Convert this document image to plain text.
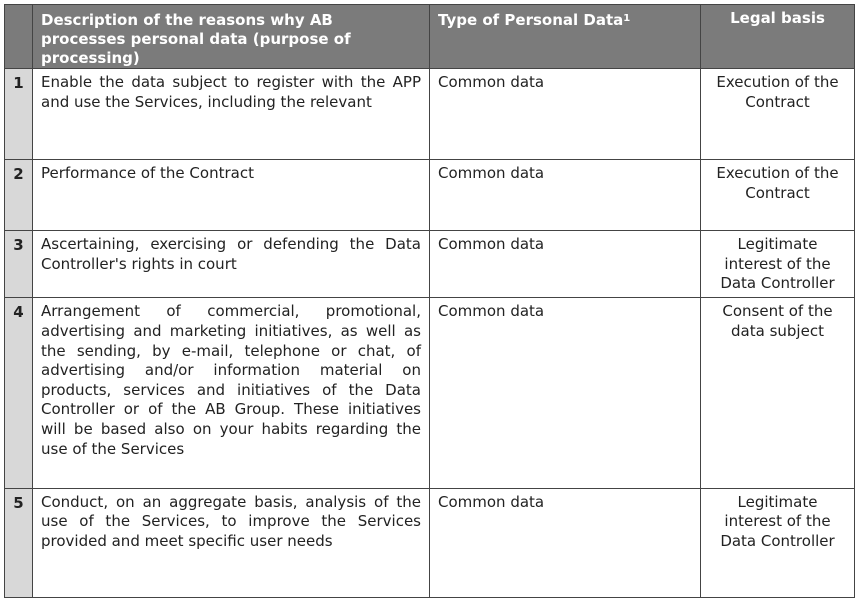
	Description of the reasons why AB processes personal data (purpose of processing)	Type of Personal Data$^1$	Legal basis
1	Enable the data subject to register with the APP and use the Services, including the relevant	Common data	Execution of the Contract
2	Performance of the Contract	Common data	Execution of the Contract
3	Ascertaining, exercising or defending the Data Controller's rights in court	Common data	Legitimate interest of the Data Controller
4	Arrangement of commercial, promotional, advertising and marketing initiatives, as well as the sending, by e-mail, telephone or chat, of advertising and/or information material on products, services and initiatives of the Data Controller or of the AB Group. These initiatives will be based also on your habits regarding the use of the Services	Common data	Consent of the data subject
5	Conduct, on an aggregate basis, analysis of the use of the Services, to improve the Services provided and meet specific user needs	Common data	Legitimate interest of the Data Controller
